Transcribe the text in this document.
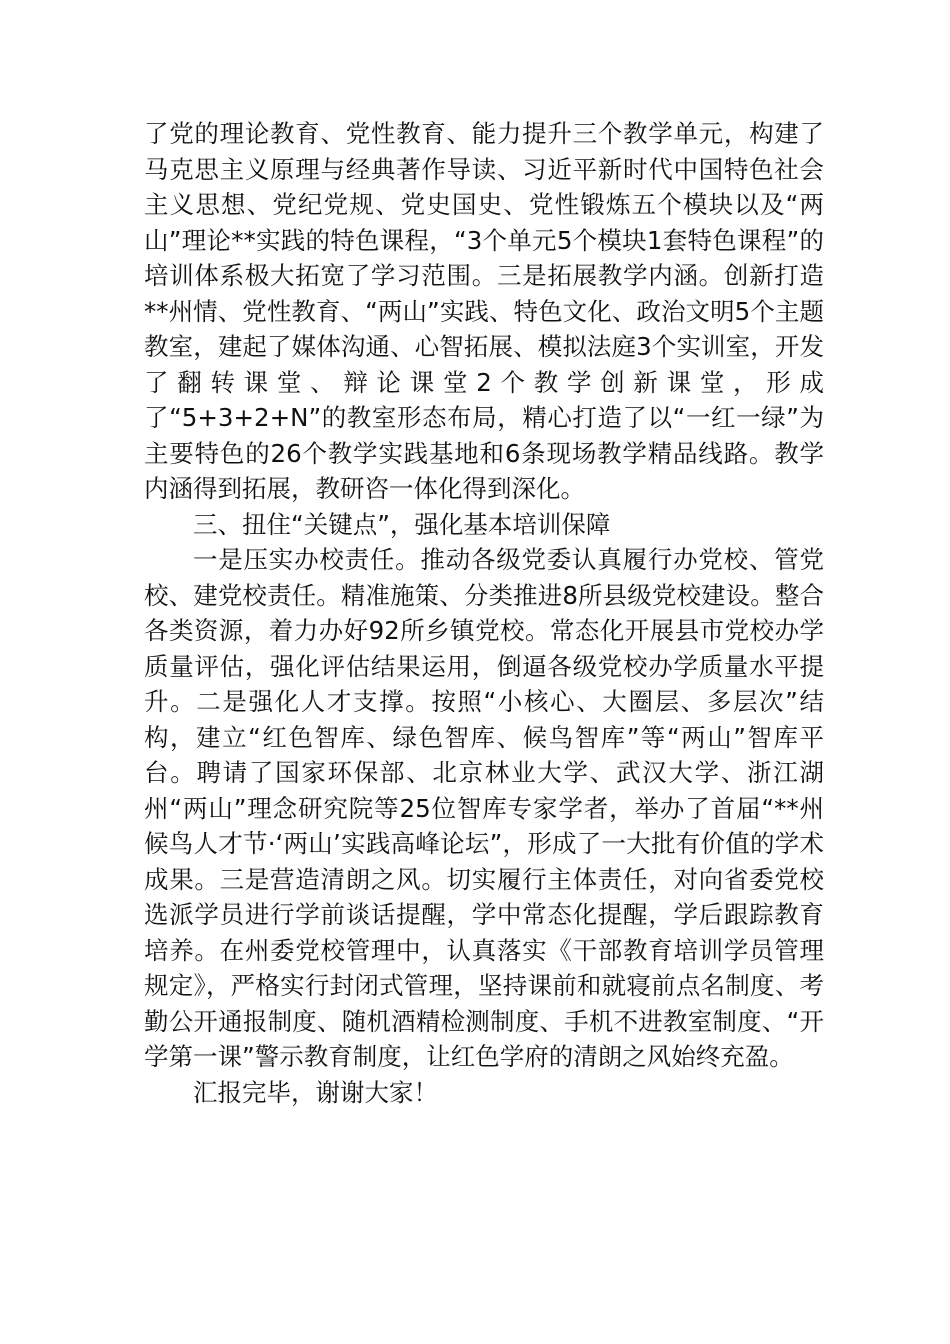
了党的理论教育、党性教育、能力提升三个教学单元，构建了马克思主义原理与经典著作导读、习近平新时代中国特色社会主义思想、党纪党规、党史国史、党性锻炼五个模块以及“两山”理论**实践的特色课程，“3个单元5个模块1套特色课程”的培训体系极大拓宽了学习范围。三是拓展教学内涵。创新打造**州情、党性教育、“两山”实践、特色文化、政治文明5个主题教室，建起了媒体沟通、心智拓展、模拟法庭3个实训室，开发了翻转课堂、辩论课堂2个教学创新课堂，形成了“5+3+2+N”的教室形态布局，精心打造了以“一红一绿”为主要特色的26个教学实践基地和6条现场教学精品线路。教学内涵得到拓展，教研咨一体化得到深化。

三、扭住“关键点”，强化基本培训保障

一是压实办校责任。推动各级党委认真履行办党校、管党校、建党校责任。精准施策、分类推进8所县级党校建设。整合各类资源，着力办好92所乡镇党校。常态化开展县市党校办学质量评估，强化评估结果运用，倒逼各级党校办学质量水平提升。二是强化人才支撑。按照“小核心、大圈层、多层次”结构，建立“红色智库、绿色智库、候鸟智库”等“两山”智库平台。聘请了国家环保部、北京林业大学、武汉大学、浙江湖州“两山”理念研究院等25位智库专家学者，举办了首届“**州候鸟人才节·‘两山’实践高峰论坛”，形成了一大批有价值的学术成果。三是营造清朗之风。切实履行主体责任，对向省委党校选派学员进行学前谈话提醒，学中常态化提醒，学后跟踪教育培养。在州委党校管理中，认真落实《干部教育培训学员管理规定》，严格实行封闭式管理，坚持课前和就寝前点名制度、考勤公开通报制度、随机酒精检测制度、手机不进教室制度、“开学第一课”警示教育制度，让红色学府的清朗之风始终充盈。

汇报完毕，谢谢大家！
